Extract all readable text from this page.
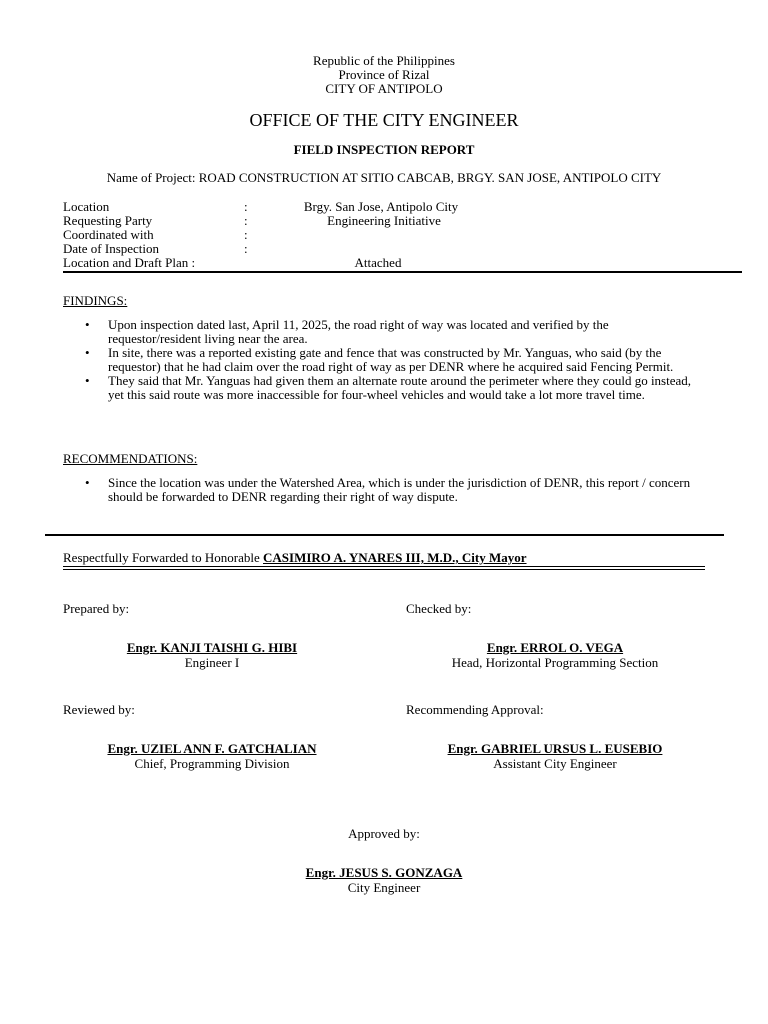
Republic of the Philippines
Province of Rizal
CITY OF ANTIPOLO
OFFICE OF THE CITY ENGINEER
FIELD INSPECTION REPORT
Name of Project: ROAD CONSTRUCTION AT SITIO CABCAB, BRGY. SAN JOSE, ANTIPOLO CITY
Location	:	Brgy. San Jose, Antipolo City
Requesting Party	:	Engineering Initiative
Coordinated with	:
Date of Inspection	:
Location and Draft Plan :	Attached
FINDINGS:
• Upon inspection dated last, April 11, 2025, the road right of way was located and verified by the requestor/resident living near the area.
• In site, there was a reported existing gate and fence that was constructed by Mr. Yanguas, who said (by the requestor) that he had claim over the road right of way as per DENR where he acquired said Fencing Permit.
• They said that Mr. Yanguas had given them an alternate route around the perimeter where they could go instead, yet this said route was more inaccessible for four-wheel vehicles and would take a lot more travel time.
RECOMMENDATIONS:
• Since the location was under the Watershed Area, which is under the jurisdiction of DENR, this report / concern should be forwarded to DENR regarding their right of way dispute.
Respectfully Forwarded to Honorable CASIMIRO A. YNARES III, M.D., City Mayor
Prepared by:	Checked by:
Engr. KANJI TAISHI G. HIBI
Engineer I
Engr. ERROL O. VEGA
Head, Horizontal Programming Section
Reviewed by:	Recommending Approval:
Engr. UZIEL ANN F. GATCHALIAN
Chief, Programming Division
Engr. GABRIEL URSUS L. EUSEBIO
Assistant City Engineer
Approved by:
Engr. JESUS S. GONZAGA
City Engineer
